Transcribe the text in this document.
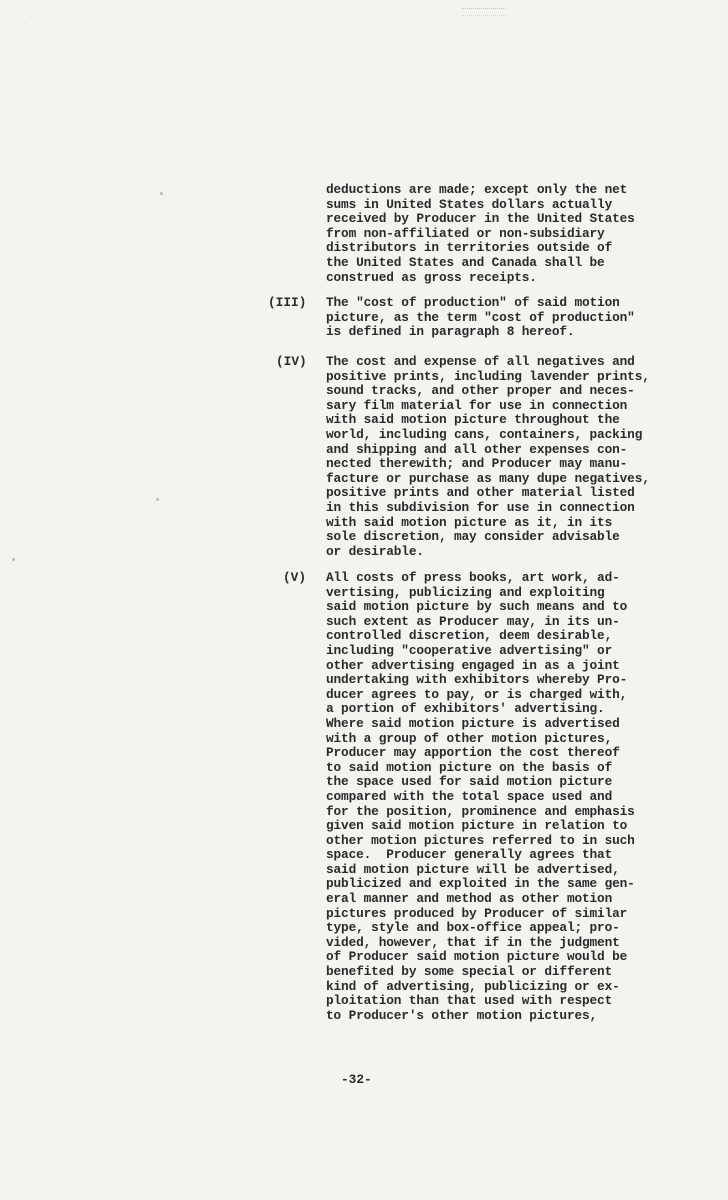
· · ·
deductions are made; except only the net
sums in United States dollars actually
received by Producer in the United States
from non-affiliated or non-subsidiary
distributors in territories outside of
the United States and Canada shall be
construed as gross receipts.
(III) The "cost of production" of said motion
picture, as the term "cost of production"
is defined in paragraph 8 hereof.
(IV) The cost and expense of all negatives and
positive prints, including lavender prints,
sound tracks, and other proper and neces-
sary film material for use in connection
with said motion picture throughout the
world, including cans, containers, packing
and shipping and all other expenses con-
nected therewith; and Producer may manu-
facture or purchase as many dupe negatives,
positive prints and other material listed
in this subdivision for use in connection
with said motion picture as it, in its
sole discretion, may consider advisable
or desirable.
(V) All costs of press books, art work, ad-
vertising, publicizing and exploiting
said motion picture by such means and to
such extent as Producer may, in its un-
controlled discretion, deem desirable,
including "cooperative advertising" or
other advertising engaged in as a joint
undertaking with exhibitors whereby Pro-
ducer agrees to pay, or is charged with,
a portion of exhibitors' advertising.
Where said motion picture is advertised
with a group of other motion pictures,
Producer may apportion the cost thereof
to said motion picture on the basis of
the space used for said motion picture
compared with the total space used and
for the position, prominence and emphasis
given said motion picture in relation to
other motion pictures referred to in such
space.  Producer generally agrees that
said motion picture will be advertised,
publicized and exploited in the same gen-
eral manner and method as other motion
pictures produced by Producer of similar
type, style and box-office appeal; pro-
vided, however, that if in the judgment
of Producer said motion picture would be
benefited by some special or different
kind of advertising, publicizing or ex-
ploitation than that used with respect
to Producer's other motion pictures,
-32-
